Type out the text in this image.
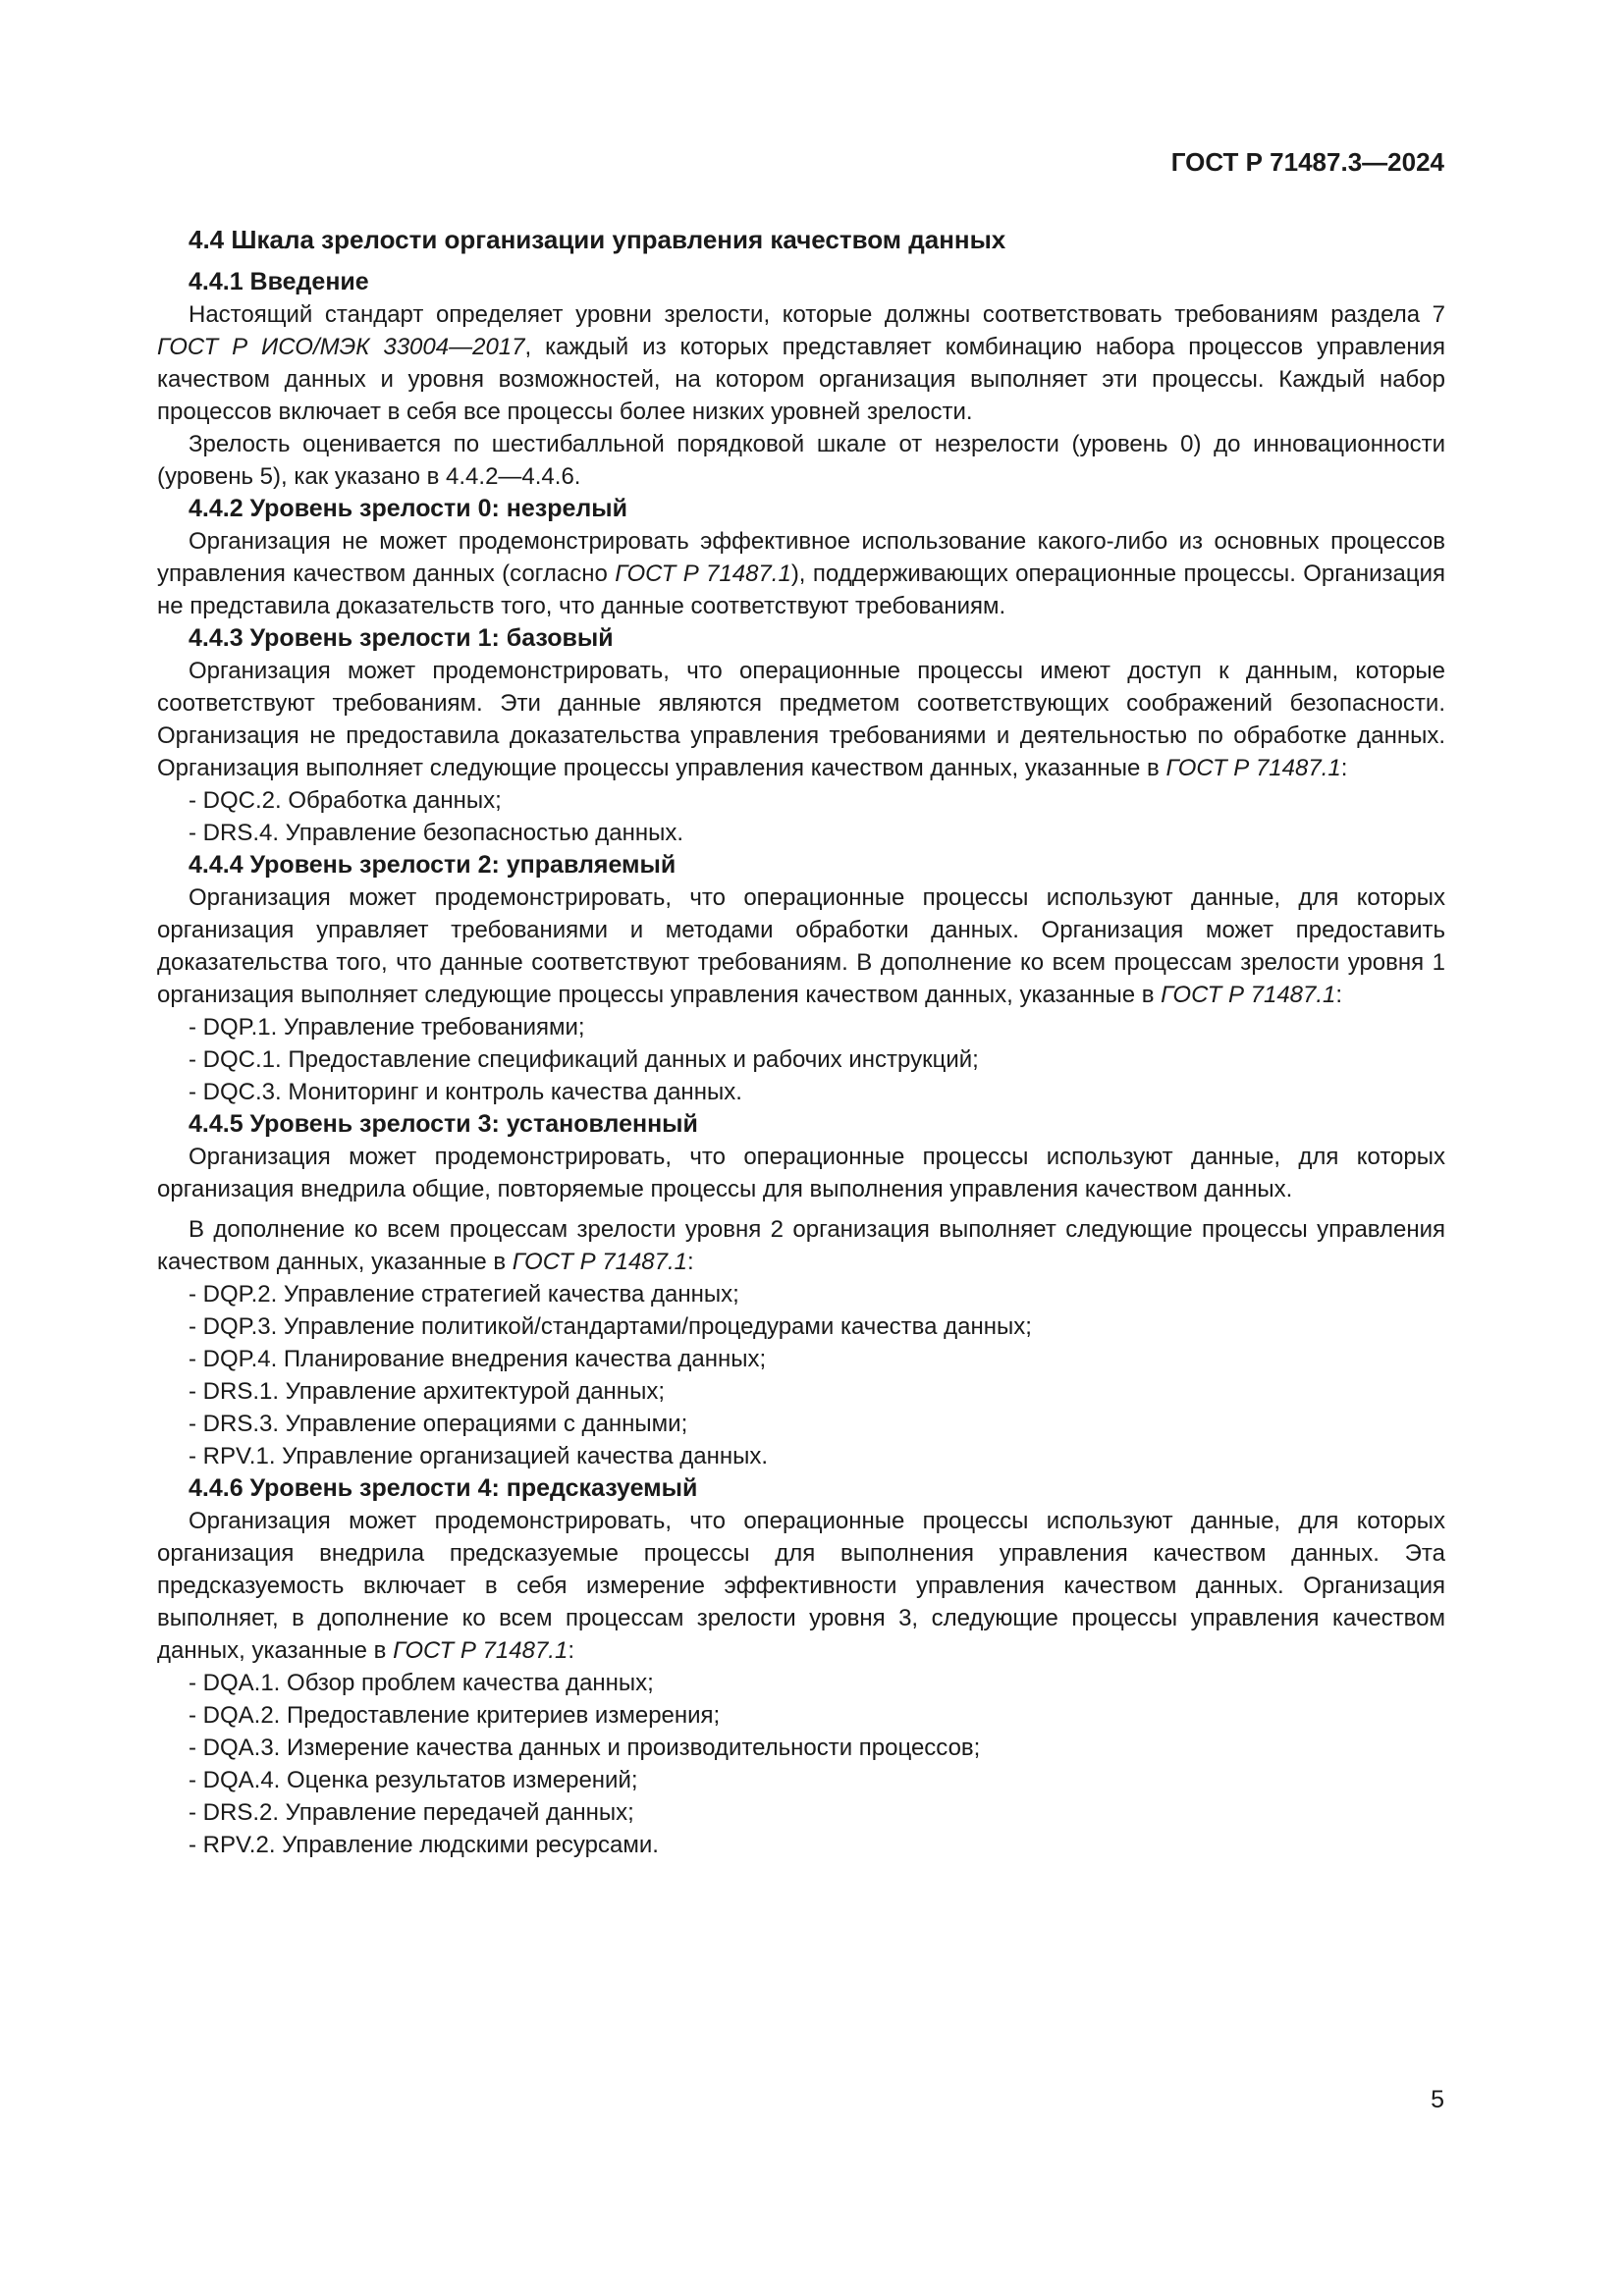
ГОСТ Р 71487.3—2024
4.4 Шкала зрелости организации управления качеством данных
4.4.1 Введение

Настоящий стандарт определяет уровни зрелости, которые должны соответствовать требованиям раздела 7 ГОСТ Р ИСО/МЭК 33004—2017, каждый из которых представляет комбинацию набора процессов управления качеством данных и уровня возможностей, на котором организация выполняет эти процессы. Каждый набор процессов включает в себя все процессы более низких уровней зрелости.

Зрелость оценивается по шестибалльной порядковой шкале от незрелости (уровень 0) до инновационности (уровень 5), как указано в 4.4.2—4.4.6.

4.4.2 Уровень зрелости 0: незрелый

Организация не может продемонстрировать эффективное использование какого-либо из основных процессов управления качеством данных (согласно ГОСТ Р 71487.1), поддерживающих операционные процессы. Организация не представила доказательств того, что данные соответствуют требованиям.

4.4.3 Уровень зрелости 1: базовый

Организация может продемонстрировать, что операционные процессы имеют доступ к данным, которые соответствуют требованиям. Эти данные являются предметом соответствующих соображений безопасности. Организация не предоставила доказательства управления требованиями и деятельностью по обработке данных. Организация выполняет следующие процессы управления качеством данных, указанные в ГОСТ Р 71487.1:

- DQC.2. Обработка данных;
- DRS.4. Управление безопасностью данных.
4.4.4 Уровень зрелости 2: управляемый

Организация может продемонстрировать, что операционные процессы используют данные, для которых организация управляет требованиями и методами обработки данных. Организация может предоставить доказательства того, что данные соответствуют требованиям. В дополнение ко всем процессам зрелости уровня 1 организация выполняет следующие процессы управления качеством данных, указанные в ГОСТ Р 71487.1:

- DQP.1. Управление требованиями;
- DQC.1. Предоставление спецификаций данных и рабочих инструкций;
- DQC.3. Мониторинг и контроль качества данных.
4.4.5 Уровень зрелости 3: установленный

Организация может продемонстрировать, что операционные процессы используют данные, для которых организация внедрила общие, повторяемые процессы для выполнения управления качеством данных.

В дополнение ко всем процессам зрелости уровня 2 организация выполняет следующие процессы управления качеством данных, указанные в ГОСТ Р 71487.1:

- DQP.2. Управление стратегией качества данных;
- DQP.3. Управление политикой/стандартами/процедурами качества данных;
- DQP.4. Планирование внедрения качества данных;
- DRS.1. Управление архитектурой данных;
- DRS.3. Управление операциями с данными;
- RPV.1. Управление организацией качества данных.
4.4.6 Уровень зрелости 4: предсказуемый

Организация может продемонстрировать, что операционные процессы используют данные, для которых организация внедрила предсказуемые процессы для выполнения управления качеством данных. Эта предсказуемость включает в себя измерение эффективности управления качеством данных. Организация выполняет, в дополнение ко всем процессам зрелости уровня 3, следующие процессы управления качеством данных, указанные в ГОСТ Р 71487.1:

- DQA.1. Обзор проблем качества данных;
- DQA.2. Предоставление критериев измерения;
- DQA.3. Измерение качества данных и производительности процессов;
- DQA.4. Оценка результатов измерений;
- DRS.2. Управление передачей данных;
- RPV.2. Управление людскими ресурсами.
5
